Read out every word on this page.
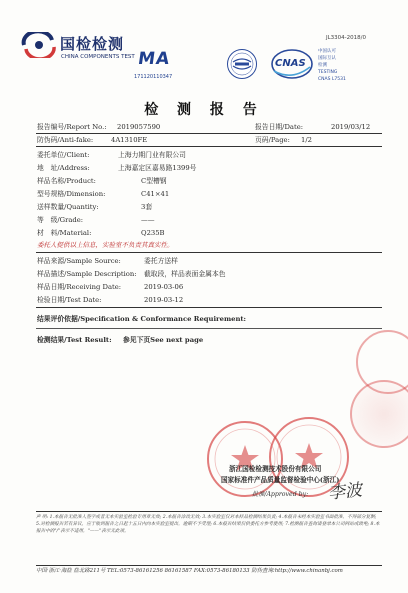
国检检测
CHINA COMPONENTS TEST
JL3304-2018/0
MA
171120110347
CNAS
中国认可
国际互认
检测
TESTING
CNAS L7531
检 测 报 告
报告编号/Report No.: 2019057590	报告日期/Date:	2019/03/12
防伪码/Anti-fake:	4A1310FE	页码/Page: 1/2
委托单位/Client:	上海力期门业有限公司
地　址/Address:	上海嘉定区嘉易路1399号
样品名称/Product:	C型槽钢
型号规格/Dimension:	C41×41
送样数量/Quantity:	3套
等　级/Grade:	——
材　料/Material:	Q235B
委托人提供以上信息，实验室不负责其真实性。
样品来源/Sample Source:	委托方送样
样品描述/Sample Description: 截取段，样品表面金属本色
样品日期/Receiving Date:	2019-03-06
检验日期/Test Date:	2019-03-12
结果评价依据/Specification & Conformance Requirement:
检测结果/Test Result: 参见下页See next page
浙江国检检测技术股份有限公司
国家标准件产品质量监督检验中心(浙江)
批准/Approved by: 李波
声 明: 1.本报告无批准人签字或者无本实验室检验专用章无效; 2.本报告涂改无效; 3.本实验室仅对本样品检测结果负责; 4.本报告未经本实验室书面批准，不得部分复制; 5.对检测报告若有异议，应于收到报告之日起十五日内向本实验室提出，逾期不予受理; 6.本报告结果仅供委托方参考使用; 7.检测报告查询请登录本公司网站或致电; 8.本报告中的"/"表示不适用，"——"表示无此项。
中国·浙江·海盐 盐北路211号 TEL:0573-86161256 86161587 FAX:0573-86180133 防伪查询:http://www.chinanbj.com
